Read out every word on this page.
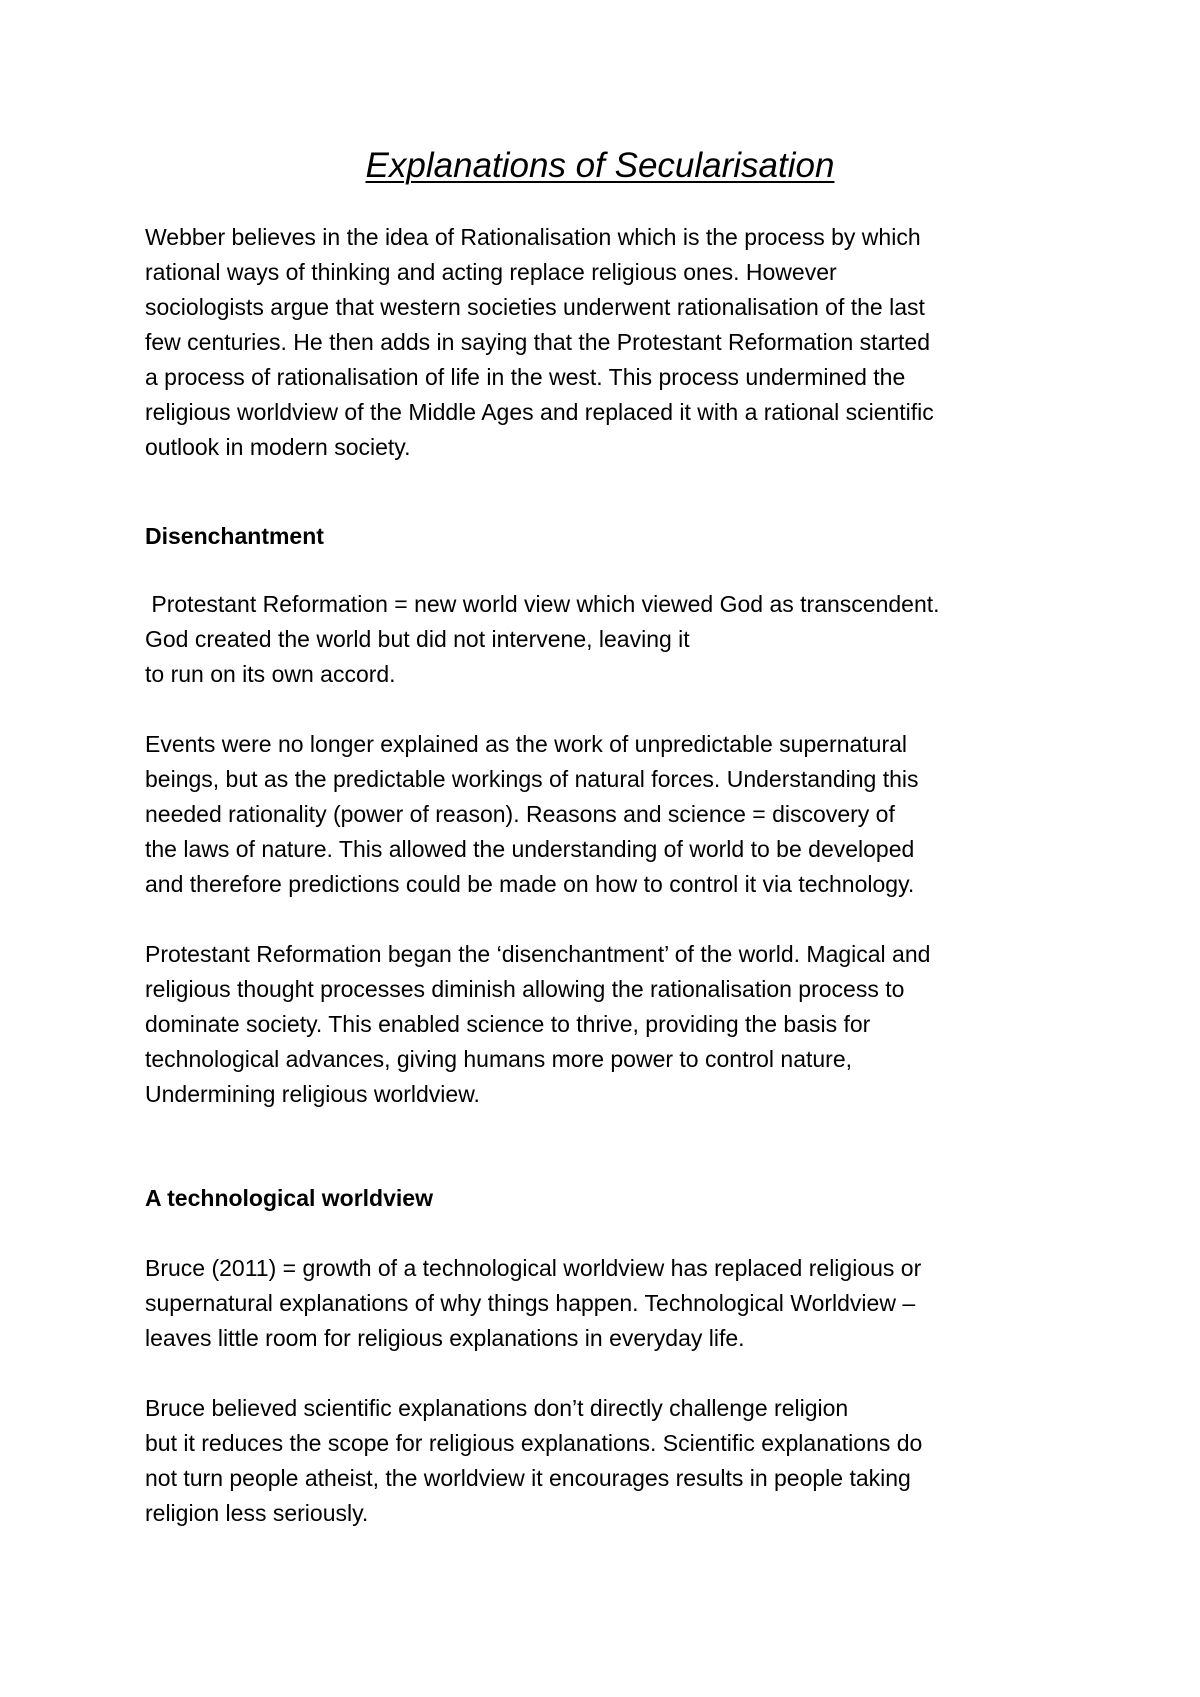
Explanations of Secularisation

Webber believes in the idea of Rationalisation which is the process by which
rational ways of thinking and acting replace religious ones. However
sociologists argue that western societies underwent rationalisation of the last
few centuries. He then adds in saying that the Protestant Reformation started
a process of rationalisation of life in the west. This process undermined the
religious worldview of the Middle Ages and replaced it with a rational scientific
outlook in modern society.

Disenchantment

Protestant Reformation = new world view which viewed God as transcendent.
God created the world but did not intervene, leaving it
to run on its own accord.

Events were no longer explained as the work of unpredictable supernatural
beings, but as the predictable workings of natural forces. Understanding this
needed rationality (power of reason). Reasons and science = discovery of
the laws of nature. This allowed the understanding of world to be developed
and therefore predictions could be made on how to control it via technology.

Protestant Reformation began the ‘disenchantment’ of the world. Magical and
religious thought processes diminish allowing the rationalisation process to
dominate society. This enabled science to thrive, providing the basis for
technological advances, giving humans more power to control nature,
Undermining religious worldview.

A technological worldview

Bruce (2011) = growth of a technological worldview has replaced religious or
supernatural explanations of why things happen. Technological Worldview –
leaves little room for religious explanations in everyday life.

Bruce believed scientific explanations don’t directly challenge religion
but it reduces the scope for religious explanations. Scientific explanations do
not turn people atheist, the worldview it encourages results in people taking
religion less seriously.
